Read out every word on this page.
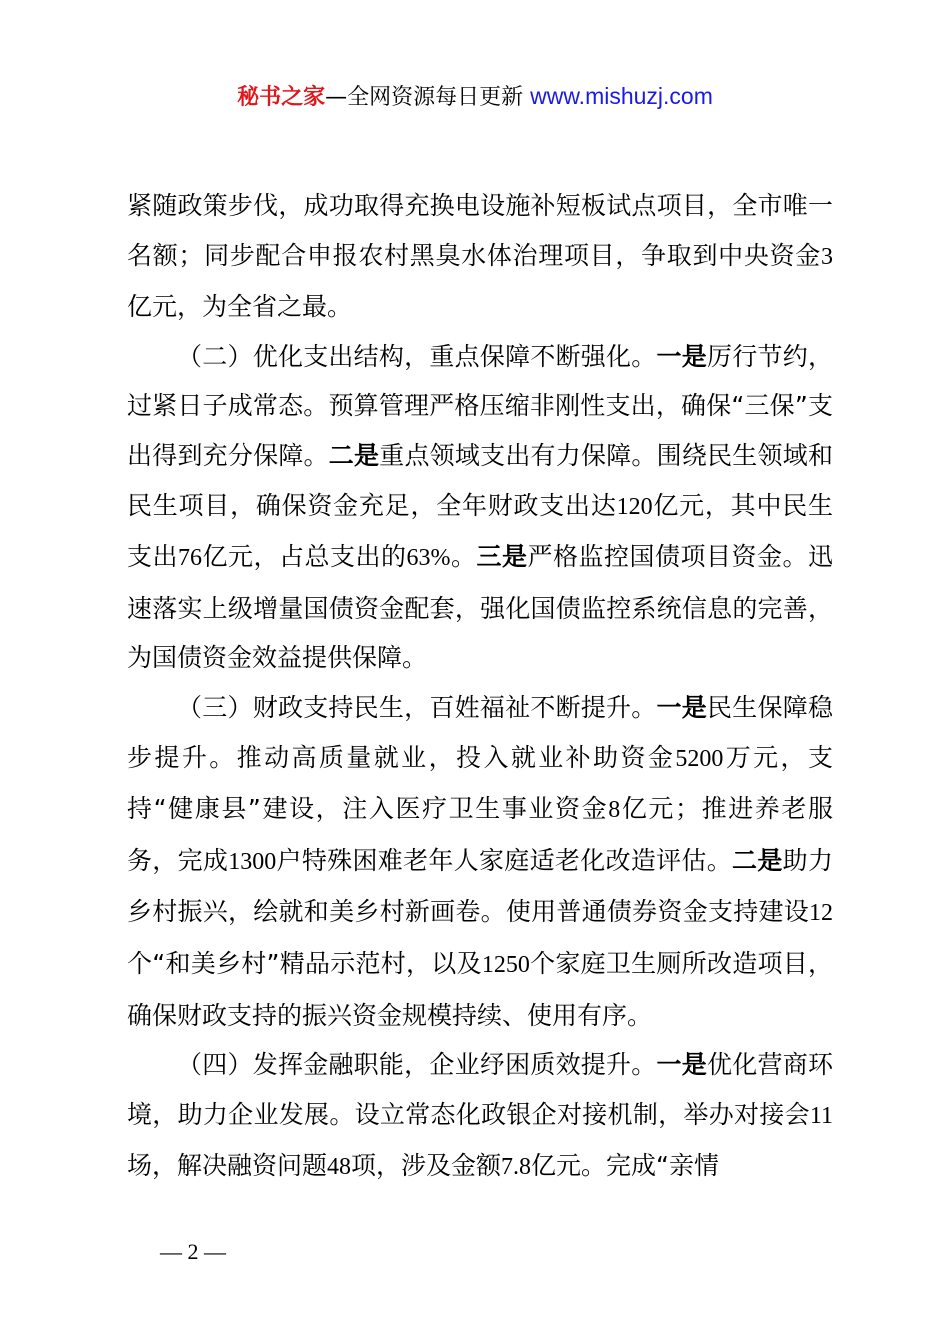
秘书之家—全网资源每日更新 www.mishuzj.com

紧随政策步伐，成功取得充换电设施补短板试点项目，全市唯一名额；同步配合申报农村黑臭水体治理项目，争取到中央资金3亿元，为全省之最。

（二）优化支出结构，重点保障不断强化。一是厉行节约，过紧日子成常态。预算管理严格压缩非刚性支出，确保“三保”支出得到充分保障。二是重点领域支出有力保障。围绕民生领域和民生项目，确保资金充足，全年财政支出达120亿元，其中民生支出76亿元，占总支出的63%。三是严格监控国债项目资金。迅速落实上级增量国债资金配套，强化国债监控系统信息的完善，为国债资金效益提供保障。

（三）财政支持民生，百姓福祉不断提升。一是民生保障稳步提升。推动高质量就业，投入就业补助资金5200万元，支持“健康县”建设，注入医疗卫生事业资金8亿元；推进养老服务，完成1300户特殊困难老年人家庭适老化改造评估。二是助力乡村振兴，绘就和美乡村新画卷。使用普通债券资金支持建设12个“和美乡村”精品示范村，以及1250个家庭卫生厕所改造项目，确保财政支持的振兴资金规模持续、使用有序。

（四）发挥金融职能，企业纾困质效提升。一是优化营商环境，助力企业发展。设立常态化政银企对接机制，举办对接会11场，解决融资问题48项，涉及金额7.8亿元。完成“亲情

— 2 —
